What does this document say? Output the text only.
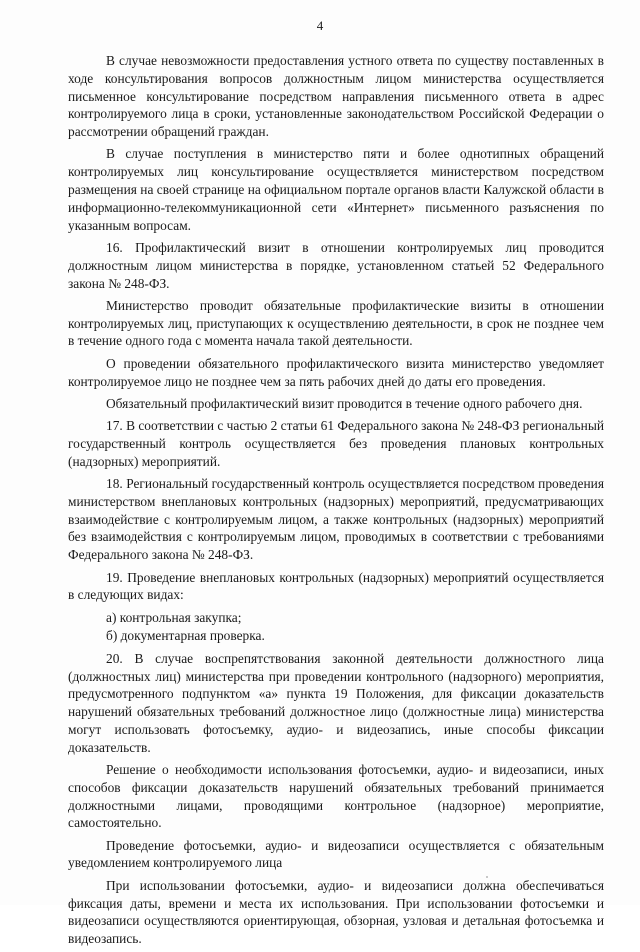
4

В случае невозможности предоставления устного ответа по существу поставленных в ходе консультирования вопросов должностным лицом министерства осуществляется письменное консультирование посредством направления письменного ответа в адрес контролируемого лица в сроки, установленные законодательством Российской Федерации о рассмотрении обращений граждан.

В случае поступления в министерство пяти и более однотипных обращений контролируемых лиц консультирование осуществляется министерством посредством размещения на своей странице на официальном портале органов власти Калужской области в информационно-телекоммуникационной сети «Интернет» письменного разъяснения по указанным вопросам.

16. Профилактический визит в отношении контролируемых лиц проводится должностным лицом министерства в порядке, установленном статьей 52 Федерального закона № 248-ФЗ.

Министерство проводит обязательные профилактические визиты в отношении контролируемых лиц, приступающих к осуществлению деятельности, в срок не позднее чем в течение одного года с момента начала такой деятельности.

О проведении обязательного профилактического визита министерство уведомляет контролируемое лицо не позднее чем за пять рабочих дней до даты его проведения.

Обязательный профилактический визит проводится в течение одного рабочего дня.

17. В соответствии с частью 2 статьи 61 Федерального закона № 248-ФЗ региональный государственный контроль осуществляется без проведения плановых контрольных (надзорных) мероприятий.

18. Региональный государственный контроль осуществляется посредством проведения министерством внеплановых контрольных (надзорных) мероприятий, предусматривающих взаимодействие с контролируемым лицом, а также контрольных (надзорных) мероприятий без взаимодействия с контролируемым лицом, проводимых в соответствии с требованиями Федерального закона № 248-ФЗ.

19. Проведение внеплановых контрольных (надзорных) мероприятий осуществляется в следующих видах:

а) контрольная закупка;

б) документарная проверка.

20. В случае воспрепятствования законной деятельности должностного лица (должностных лиц) министерства при проведении контрольного (надзорного) мероприятия, предусмотренного подпунктом «а» пункта 19 Положения, для фиксации доказательств нарушений обязательных требований должностное лицо (должностные лица) министерства могут использовать фотосъемку, аудио- и видеозапись, иные способы фиксации доказательств.

Решение о необходимости использования фотосъемки, аудио- и видеозаписи, иных способов фиксации доказательств нарушений обязательных требований принимается должностными лицами, проводящими контрольное (надзорное) мероприятие, самостоятельно.

Проведение фотосъемки, аудио- и видеозаписи осуществляется с обязательным уведомлением контролируемого лица

При использовании фотосъемки, аудио- и видеозаписи должна обеспечиваться фиксация даты, времени и места их использования. При использовании фотосъемки и видеозаписи осуществляются ориентирующая, обзорная, узловая и детальная фотосъемка и видеозапись.
